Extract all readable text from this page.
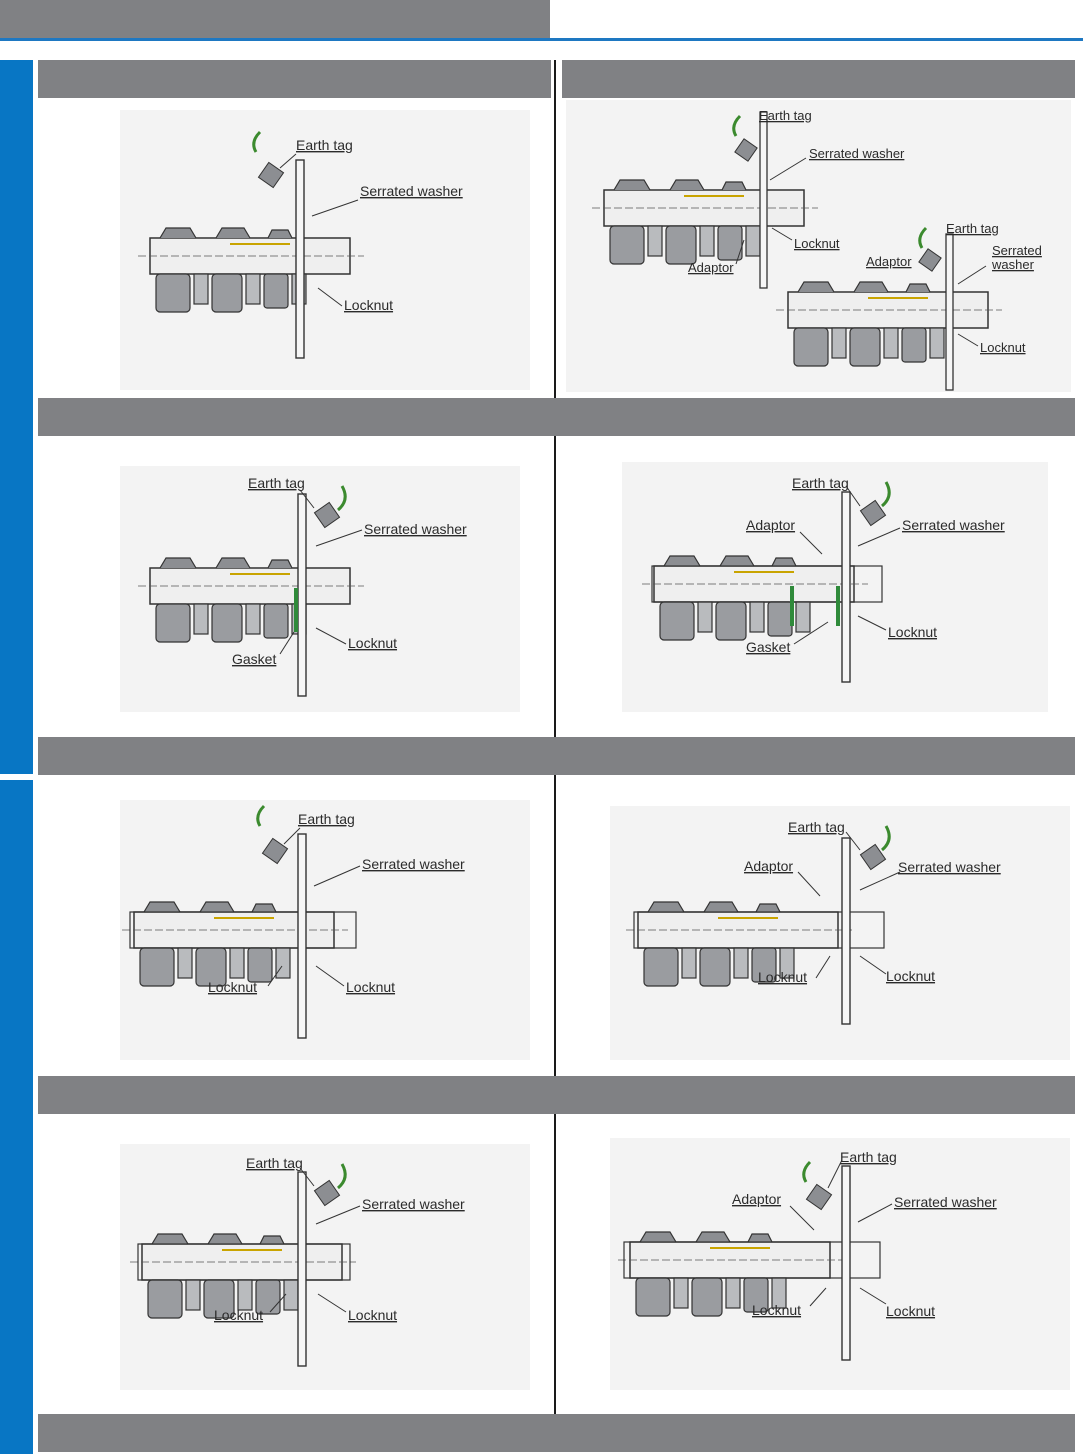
Earth tag
Serrated washer
Locknut
Earth tag
Serrated washer
Locknut
Adaptor
Earth tag
Adaptor
Serrated
washer
Locknut
Earth tag
Serrated washer
Locknut
Gasket
Earth tag
Adaptor	Serrated washer
Locknut
Gasket
Earth tag
Serrated washer
Locknut	Locknut
Earth tag
Adaptor	Serrated washer
Locknut	Locknut
Earth tag
Serrated washer
Locknut	Locknut
Earth tag
Adaptor	Serrated washer
Locknut	Locknut
